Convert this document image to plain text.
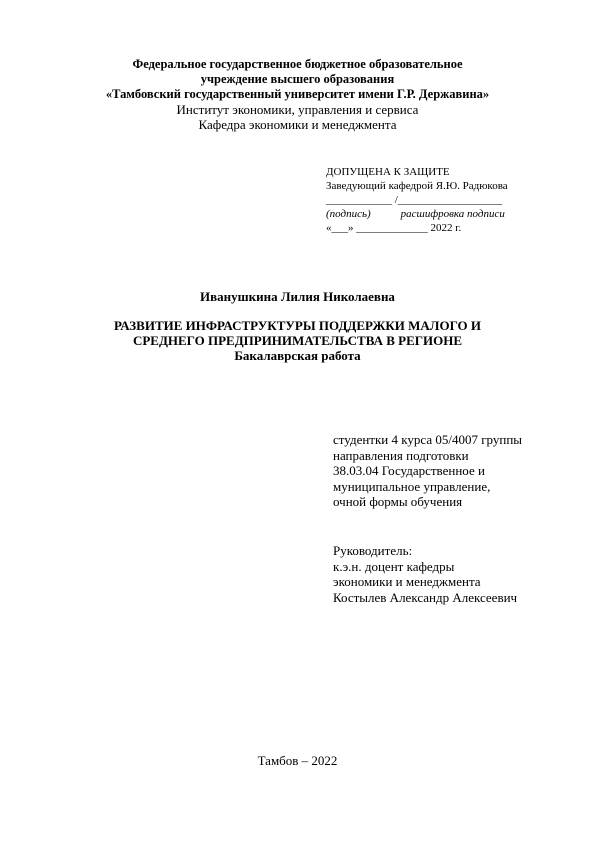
Федеральное государственное бюджетное образовательное
учреждение высшего образования
«Тамбовский государственный университет имени Г.Р. Державина»
Институт экономики, управления и сервиса
Кафедра экономики и менеджмента
ДОПУЩЕНА К ЗАЩИТЕ
Заведующий кафедрой Я.Ю. Радюкова
____________ /___________________
(подпись)	расшифровка подписи
«___» _____________ 2022 г.
Иванушкина Лилия Николаевна
РАЗВИТИЕ ИНФРАСТРУКТУРЫ ПОДДЕРЖКИ МАЛОГО И
СРЕДНЕГО ПРЕДПРИНИМАТЕЛЬСТВА В РЕГИОНЕ
Бакалаврская работа
студентки 4 курса 05/4007 группы
направления подготовки
38.03.04 Государственное и
муниципальное управление,
очной формы обучения
Руководитель:
к.э.н. доцент кафедры
экономики и менеджмента
Костылев Александр Алексеевич
Тамбов – 2022
